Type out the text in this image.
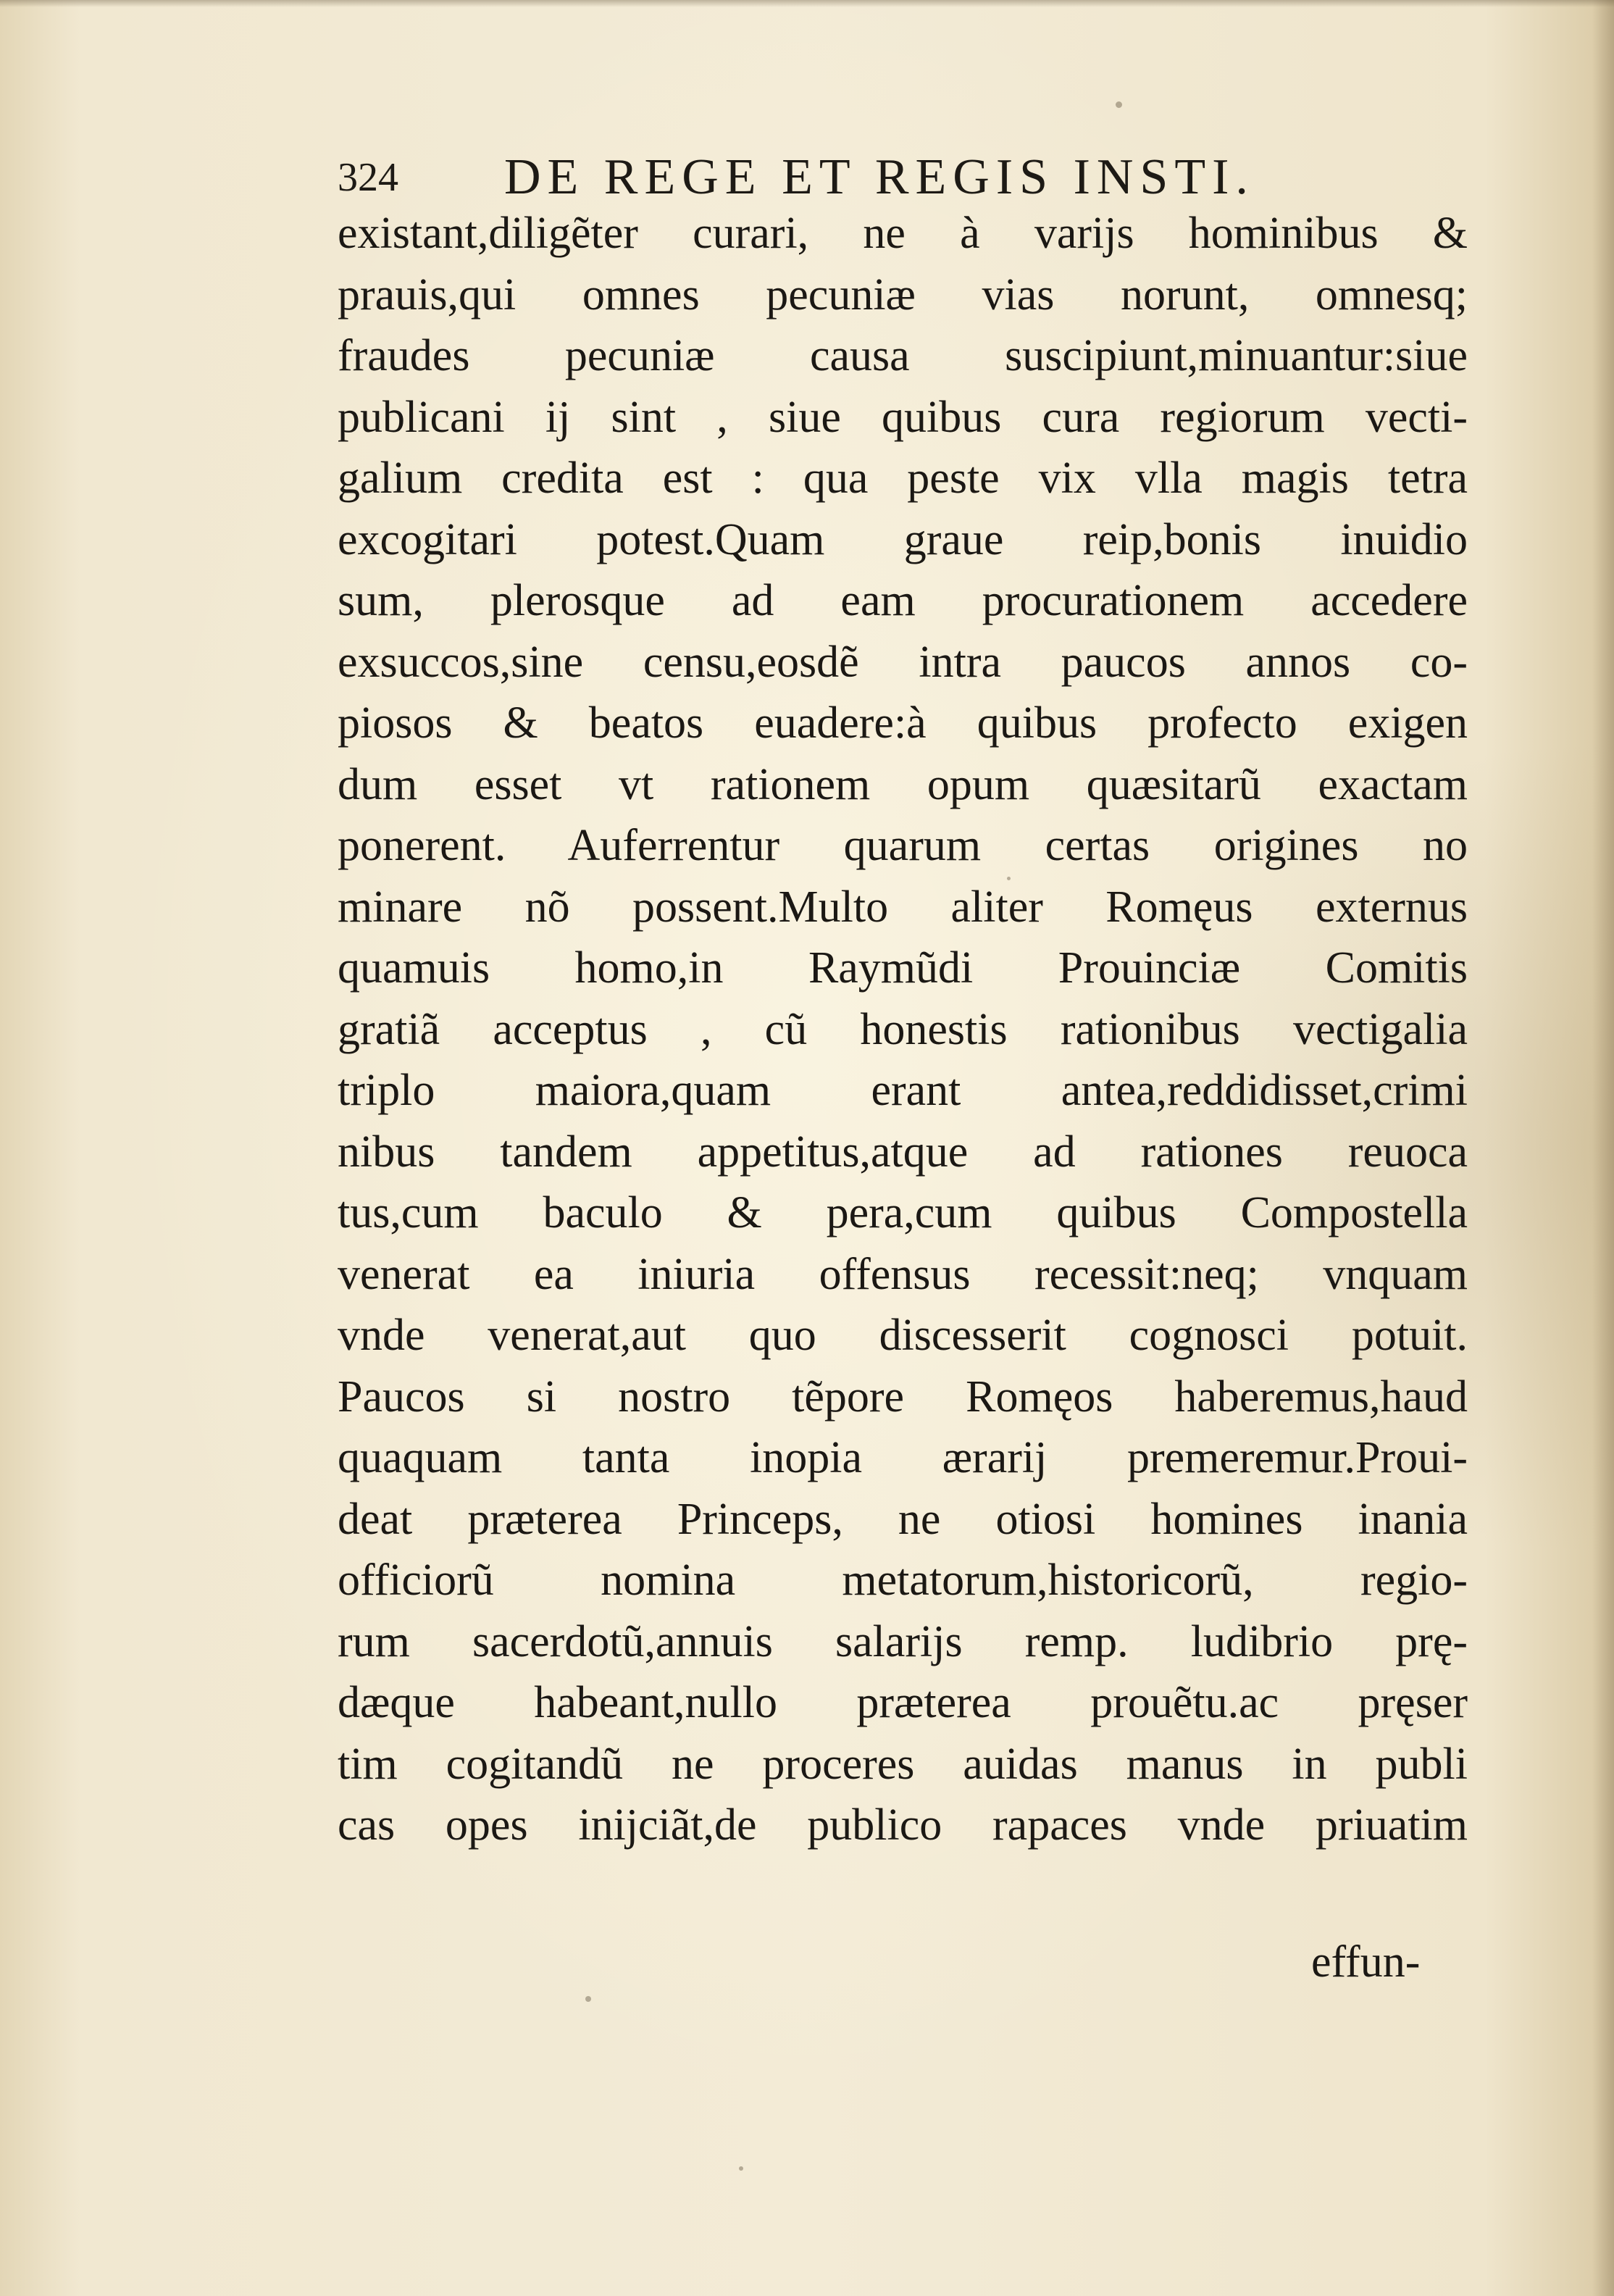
324 DE REGE ET REGIS INSTI.
existant,diligẽter curari, ne à varijs hominibus &
prauis,qui omnes pecuniæ vias norunt, omnesq;
fraudes pecuniæ causa suscipiunt,minuantur:siue
publicani ij sint , siue quibus cura regiorum vecti-
galium credita est : qua peste vix vlla magis tetra
excogitari potest.Quam graue reip,bonis inuidio
sum, plerosque ad eam procurationem accedere
exsuccos,sine censu,eosdẽ intra paucos annos co-
piosos & beatos euadere:à quibus profecto exigen
dum esset vt rationem opum quæsitarũ exactam
ponerent. Auferrentur quarum certas origines no
minare nõ possent.Multo aliter Romęus externus
quamuis homo,in Raymũdi Prouinciæ Comitis
gratiã acceptus , cũ honestis rationibus vectigalia
triplo maiora,quam erant antea,reddidisset,crimi
nibus tandem appetitus,atque ad rationes reuoca
tus,cum baculo & pera,cum quibus Compostella
venerat ea iniuria offensus recessit:neq; vnquam
vnde venerat,aut quo discesserit cognosci potuit.
Paucos si nostro tẽpore Romęos haberemus,haud
quaquam tanta inopia ærarij premeremur.Proui-
deat præterea Princeps, ne otiosi homines inania
officiorũ nomina metatorum,historicorũ, regio-
rum sacerdotũ,annuis salarijs remp. ludibrio prę-
dæque habeant,nullo præterea prouẽtu.ac pręser
tim cogitandũ ne proceres auidas manus in publi
cas opes inijciãt,de publico rapaces vnde priuatim
effun-
